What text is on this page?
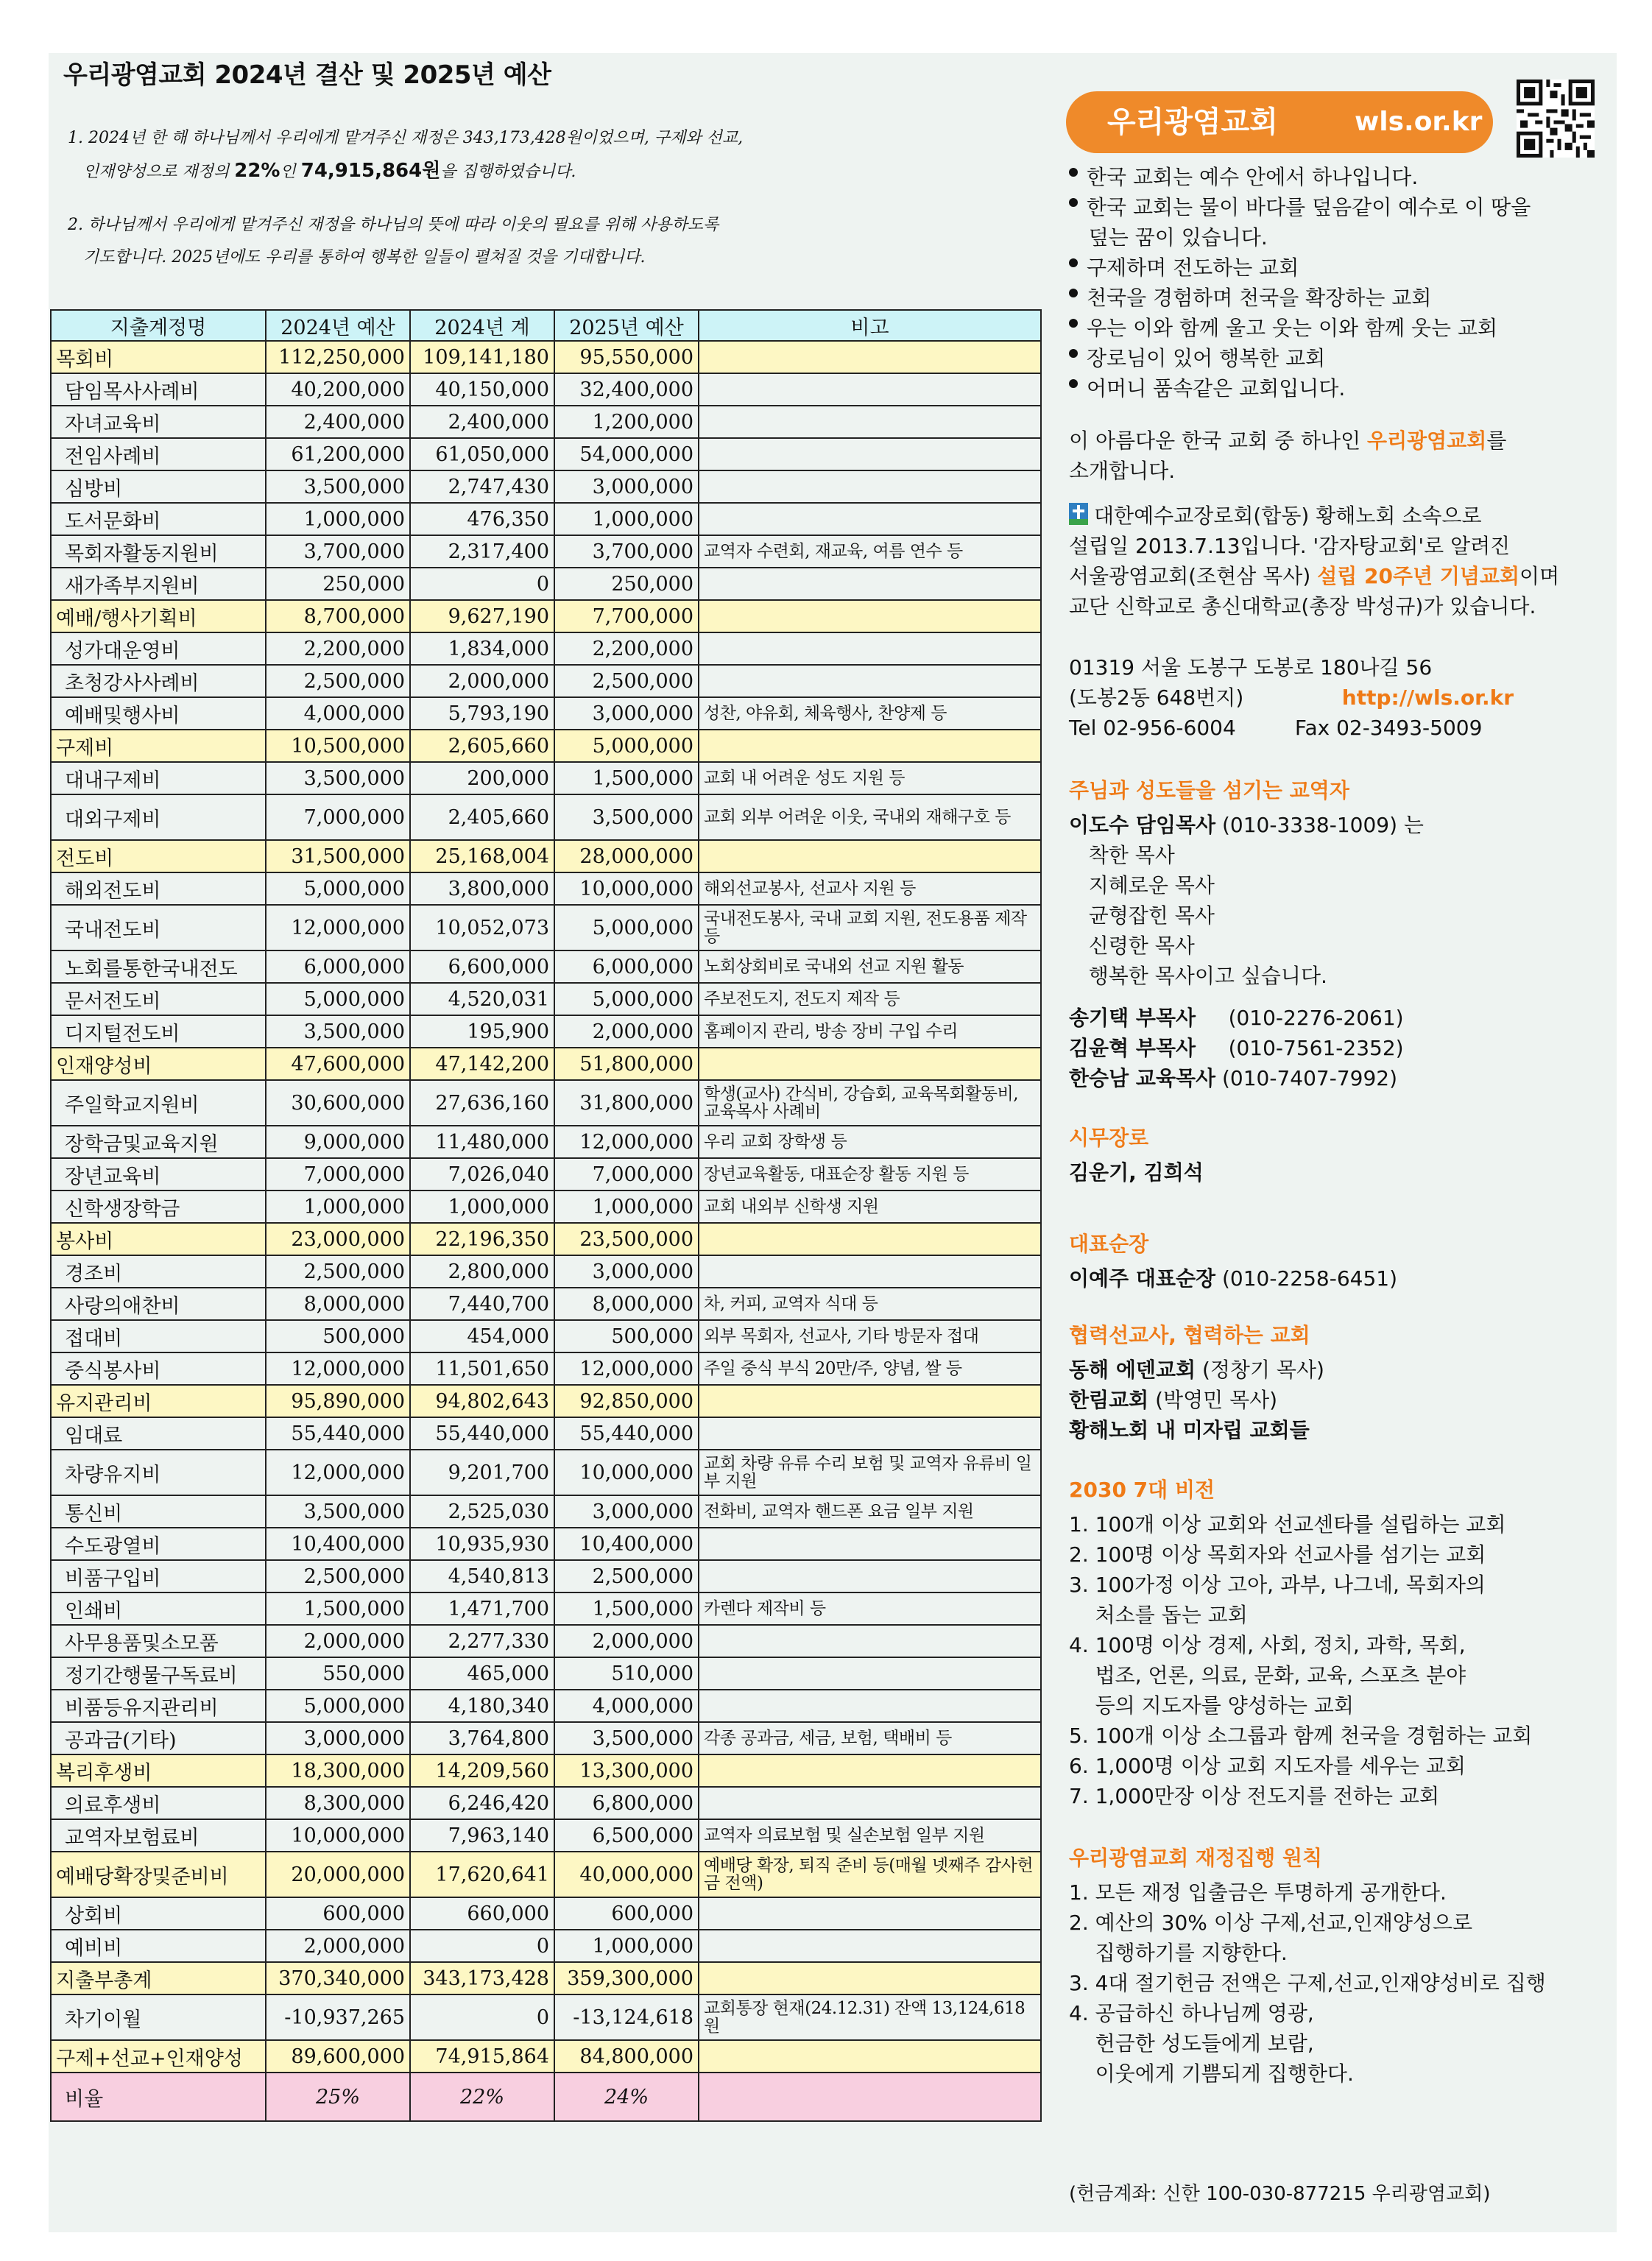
우리광염교회 2024년 결산 및 2025년 예산
1. 2024년 한 해 하나님께서 우리에게 맡겨주신 재정은 343,173,428원이었으며, 구제와 선교,
인재양성으로 재정의 22%인 74,915,864원을 집행하였습니다.
2. 하나님께서 우리에게 맡겨주신 재정을 하나님의 뜻에 따라 이웃의 필요를 위해 사용하도록
기도합니다. 2025년에도 우리를 통하여 행복한 일들이 펼쳐질 것을 기대합니다.
지출계정명	2024년 예산	2024년 계	2025년 예산	비고
목회비	112,250,000	109,141,180	95,550,000	
담임목사사례비	40,200,000	40,150,000	32,400,000	
자녀교육비	2,400,000	2,400,000	1,200,000	
전임사례비	61,200,000	61,050,000	54,000,000	
심방비	3,500,000	2,747,430	3,000,000	
도서문화비	1,000,000	476,350	1,000,000	
목회자활동지원비	3,700,000	2,317,400	3,700,000	교역자 수련회, 재교육, 여름 연수 등
새가족부지원비	250,000	0	250,000	
예배/행사기획비	8,700,000	9,627,190	7,700,000	
성가대운영비	2,200,000	1,834,000	2,200,000	
초청강사사례비	2,500,000	2,000,000	2,500,000	
예배및행사비	4,000,000	5,793,190	3,000,000	성찬, 야유회, 체육행사, 찬양제 등
구제비	10,500,000	2,605,660	5,000,000	
대내구제비	3,500,000	200,000	1,500,000	교회 내 어려운 성도 지원 등
대외구제비	7,000,000	2,405,660	3,500,000	교회 외부 어려운 이웃, 국내외 재해구호 등
전도비	31,500,000	25,168,004	28,000,000	
해외전도비	5,000,000	3,800,000	10,000,000	해외선교봉사, 선교사 지원 등
국내전도비	12,000,000	10,052,073	5,000,000	국내전도봉사, 국내 교회 지원, 전도용품 제작 등
노회를통한국내전도	6,000,000	6,600,000	6,000,000	노회상회비로 국내외 선교 지원 활동
문서전도비	5,000,000	4,520,031	5,000,000	주보전도지, 전도지 제작 등
디지털전도비	3,500,000	195,900	2,000,000	홈페이지 관리, 방송 장비 구입 수리
인재양성비	47,600,000	47,142,200	51,800,000	
주일학교지원비	30,600,000	27,636,160	31,800,000	학생(교사) 간식비, 강습회, 교육목회활동비, 교육목사 사례비
장학금및교육지원	9,000,000	11,480,000	12,000,000	우리 교회 장학생 등
장년교육비	7,000,000	7,026,040	7,000,000	장년교육활동, 대표순장 활동 지원 등
신학생장학금	1,000,000	1,000,000	1,000,000	교회 내외부 신학생 지원
봉사비	23,000,000	22,196,350	23,500,000	
경조비	2,500,000	2,800,000	3,000,000	
사랑의애찬비	8,000,000	7,440,700	8,000,000	차, 커피, 교역자 식대 등
접대비	500,000	454,000	500,000	외부 목회자, 선교사, 기타 방문자 접대
중식봉사비	12,000,000	11,501,650	12,000,000	주일 중식 부식 20만/주, 양념, 쌀 등
유지관리비	95,890,000	94,802,643	92,850,000	
임대료	55,440,000	55,440,000	55,440,000	
차량유지비	12,000,000	9,201,700	10,000,000	교회 차량 유류 수리 보험 및 교역자 유류비 일부 지원
통신비	3,500,000	2,525,030	3,000,000	전화비, 교역자 핸드폰 요금 일부 지원
수도광열비	10,400,000	10,935,930	10,400,000	
비품구입비	2,500,000	4,540,813	2,500,000	
인쇄비	1,500,000	1,471,700	1,500,000	카렌다 제작비 등
사무용품및소모품	2,000,000	2,277,330	2,000,000	
정기간행물구독료비	550,000	465,000	510,000	
비품등유지관리비	5,000,000	4,180,340	4,000,000	
공과금(기타)	3,000,000	3,764,800	3,500,000	각종 공과금, 세금, 보험, 택배비 등
복리후생비	18,300,000	14,209,560	13,300,000	
의료후생비	8,300,000	6,246,420	6,800,000	
교역자보험료비	10,000,000	7,963,140	6,500,000	교역자 의료보험 및 실손보험 일부 지원
예배당확장및준비비	20,000,000	17,620,641	40,000,000	예배당 확장, 퇴직 준비 등(매월 넷째주 감사헌금 전액)
상회비	600,000	660,000	600,000	
예비비	2,000,000	0	1,000,000	
지출부총계	370,340,000	343,173,428	359,300,000	
차기이월	-10,937,265	0	-13,124,618	교회통장 현재(24.12.31) 잔액 13,124,618원
구제+선교+인재양성	89,600,000	74,915,864	84,800,000	
비율	25%	22%	24%	
우리광염교회	wls.or.kr
한국 교회는 예수 안에서 하나입니다.
한국 교회는 물이 바다를 덮음같이 예수로 이 땅을
덮는 꿈이 있습니다.
구제하며 전도하는 교회
천국을 경험하며 천국을 확장하는 교회
우는 이와 함께 울고 웃는 이와 함께 웃는 교회
장로님이 있어 행복한 교회
어머니 품속같은 교회입니다.
이 아름다운 한국 교회 중 하나인 우리광염교회를
소개합니다.
대한예수교장로회(합동) 황해노회 소속으로
설립일 2013.7.13입니다. '감자탕교회'로 알려진
서울광염교회(조현삼 목사) 설립 20주년 기념교회이며
교단 신학교로 총신대학교(총장 박성규)가 있습니다.
01319 서울 도봉구 도봉로 180나길 56
(도봉2동 648번지)	http://wls.or.kr
Tel 02-956-6004	Fax 02-3493-5009
주님과 성도들을 섬기는 교역자
이도수 담임목사 (010-3338-1009) 는
착한 목사
지혜로운 목사
균형잡힌 목사
신령한 목사
행복한 목사이고 싶습니다.
송기택 부목사 (010-2276-2061)
김윤혁 부목사 (010-7561-2352)
한승남 교육목사 (010-7407-7992)
시무장로
김운기, 김희석
대표순장
이예주 대표순장 (010-2258-6451)
협력선교사, 협력하는 교회
동해 에덴교회 (정창기 목사)
한림교회 (박영민 목사)
황해노회 내 미자립 교회들
2030 7대 비전
1. 100개 이상 교회와 선교센타를 설립하는 교회
2. 100명 이상 목회자와 선교사를 섬기는 교회
3. 100가정 이상 고아, 과부, 나그네, 목회자의
처소를 돕는 교회
4. 100명 이상 경제, 사회, 정치, 과학, 목회,
법조, 언론, 의료, 문화, 교육, 스포츠 분야
등의 지도자를 양성하는 교회
5. 100개 이상 소그룹과 함께 천국을 경험하는 교회
6. 1,000명 이상 교회 지도자를 세우는 교회
7. 1,000만장 이상 전도지를 전하는 교회
우리광염교회 재정집행 원칙
1. 모든 재정 입출금은 투명하게 공개한다.
2. 예산의 30% 이상 구제,선교,인재양성으로
집행하기를 지향한다.
3. 4대 절기헌금 전액은 구제,선교,인재양성비로 집행
4. 공급하신 하나님께 영광,
헌금한 성도들에게 보람,
이웃에게 기쁨되게 집행한다.
(헌금계좌: 신한 100-030-877215 우리광염교회)
